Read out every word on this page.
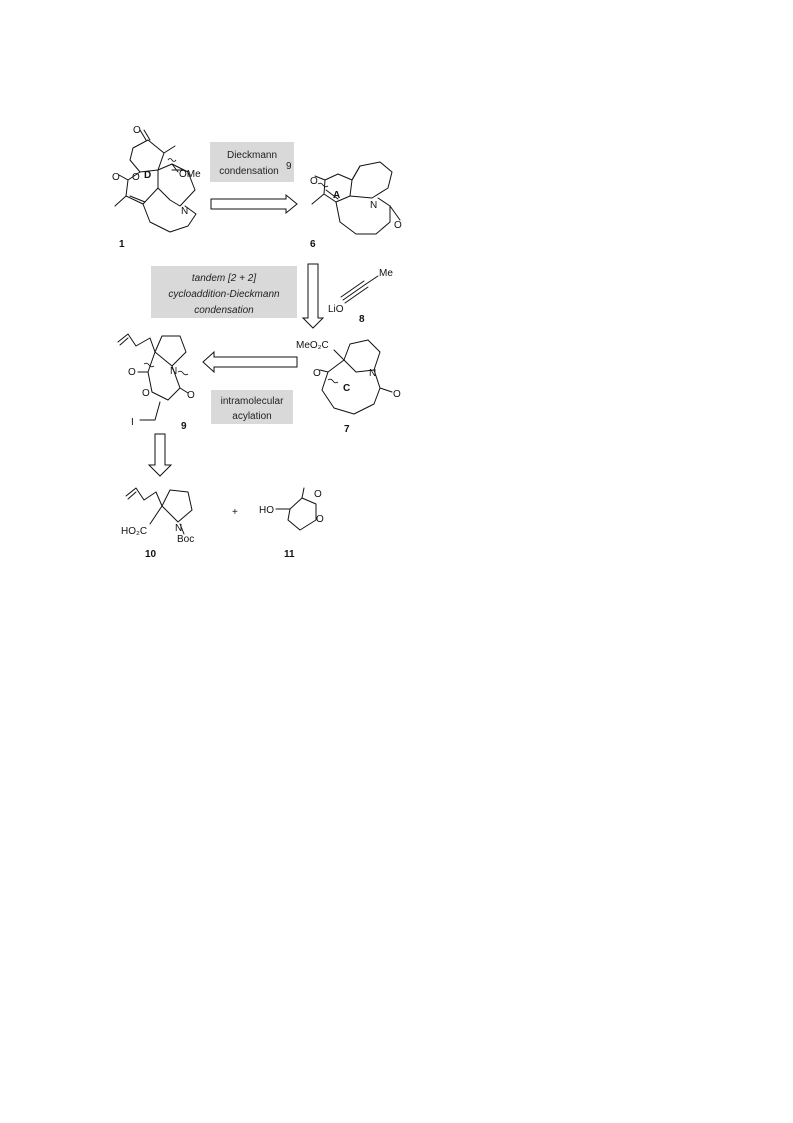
O
O
O D	OMe
N
1
Dieckmann
condensation 9
O
A
N
O
6
tandem [2 + 2]
cycloaddition-Dieckmann
condensation	LiO
Me
8
MeO₂C
O
C
N
O
7
intramolecular
acylation
O	N
O	O
I	9
HO₂C	N
Boc
10
+ HO
O
O
11
